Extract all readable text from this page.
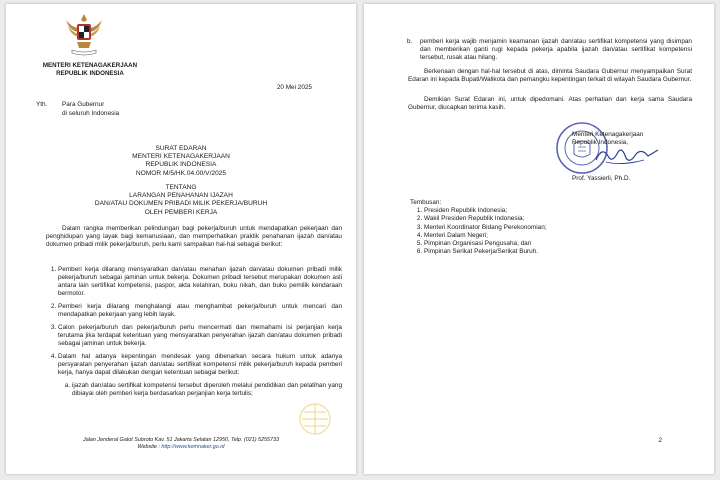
MENTERI KETENAGAKERJAAN
REPUBLIK INDONESIA
20 Mei 2025
Yth. Para Gubernur
di seluruh Indonesia
SURAT EDARAN
MENTERI KETENAGAKERJAAN
REPUBLIK INDONESIA
NOMOR M/5/HK.04.00/V/2025
TENTANG
LARANGAN PENAHANAN IJAZAH
DAN/ATAU DOKUMEN PRIBADI MILIK PEKERJA/BURUH
OLEH PEMBERI KERJA

Dalam rangka memberikan pelindungan bagi pekerja/buruh untuk mendapatkan pekerjaan dan penghidupan yang layak bagi kemanusiaan, dan memperhatikan praktik penahanan ijazah dan/atau dokumen pribadi milik pekerja/buruh, perlu kami sampaikan hal-hal sebagai berikut:

1. Pemberi kerja dilarang mensyaratkan dan/atau menahan ijazah dan/atau dokumen pribadi milik pekerja/buruh sebagai jaminan untuk bekerja. Dokumen pribadi tersebut merupakan dokumen asli antara lain sertifikat kompetensi, paspor, akta kelahiran, buku nikah, dan buku pemilik kendaraan bermotor.
2. Pemberi kerja dilarang menghalangi atau menghambat pekerja/buruh untuk mencari dan mendapatkan pekerjaan yang lebih layak.
3. Calon pekerja/buruh dan pekerja/buruh perlu mencermati dan memahami isi perjanjian kerja terutama jika terdapat ketentuan yang mensyaratkan penyerahan ijazah dan/atau dokumen pribadi sebagai jaminan untuk bekerja.
4. Dalam hal adanya kepentingan mendesak yang dibenarkan secara hukum untuk adanya persyaratan penyerahan ijazah dan/atau sertifikat kompetensi milik pekerja/buruh kepada pemberi kerja, hanya dapat dilakukan dengan ketentuan sebagai berikut:
a. ijazah dan/atau sertifikat kompetensi tersebut diperoleh melalui pendidikan dan pelatihan yang dibiayai oleh pemberi kerja berdasarkan perjanjian kerja tertulis;
Jalan Jenderal Gatot Subroto Kav. 51 Jakarta Selatan 12950, Telp. (021) 5255733
Website : http://www.kemnaker.go.id
b. pemberi kerja wajib menjamin keamanan ijazah dan/atau sertifikat kompetensi yang disimpan dan memberikan ganti rugi kepada pekerja apabila ijazah dan/atau sertifikat kompetensi tersebut, rusak atau hilang.

Berkenaan dengan hal-hal tersebut di atas, diminta Saudara Gubernur menyampaikan Surat Edaran ini kepada Bupati/Walikota dan pemangku kepentingan terkait di wilayah Saudara Gubernur.

Demikian Surat Edaran ini, untuk dipedomani. Atas perhatian dan kerja sama Saudara Gubernur, diucapkan terima kasih.

Menteri Ketenagakerjaan
Republik Indonesia,
Prof. Yassierli, Ph.D.
Tembusan:
1. Presiden Republik Indonesia;
2. Wakil Presiden Republik Indonesia;
3. Menteri Koordinator Bidang Perekonomian;
4. Menteri Dalam Negeri;
5. Pimpinan Organisasi Pengusaha; dan
6. Pimpinan Serikat Pekerja/Serikat Buruh.
2
